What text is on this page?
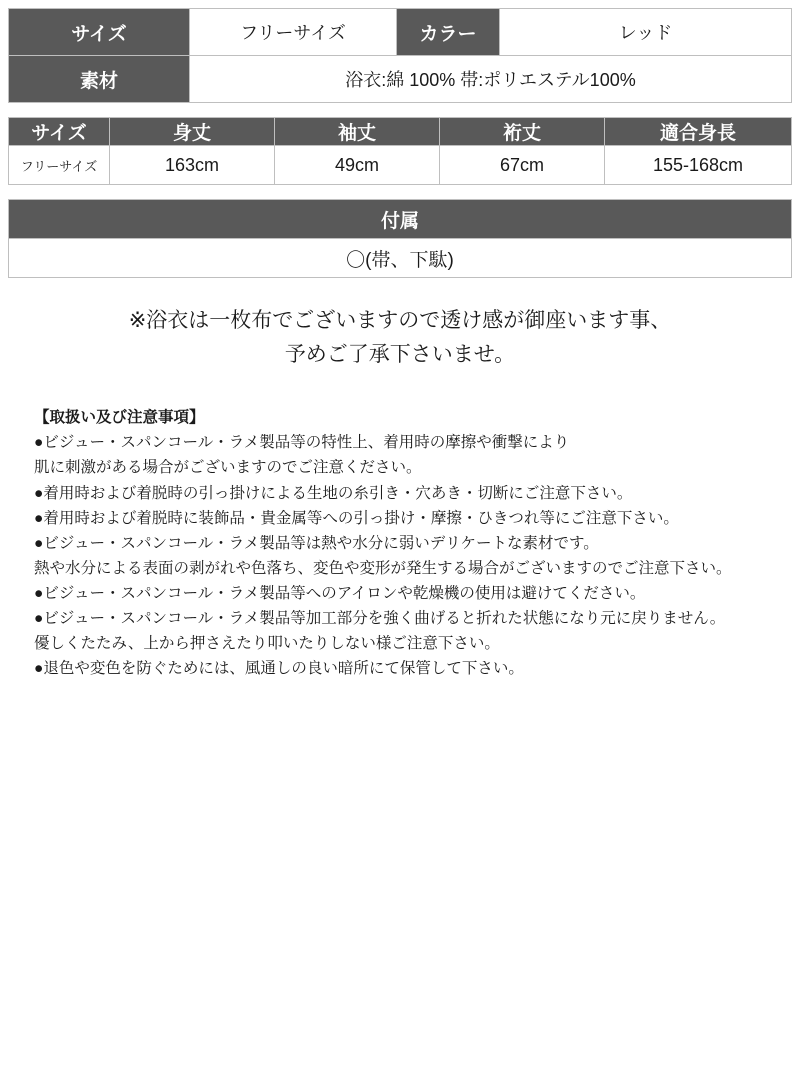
サイズ	フリーサイズ	カラー	レッド
素材	浴衣:綿 100% 帯:ポリエステル100%		
サイズ	身丈	袖丈	裄丈	適合身長
フリーサイズ	163cm	49cm	67cm	155-168cm
付属
〇(帯、下駄)
※浴衣は一枚布でございますので透け感が御座います事、
予めご了承下さいませ。

【取扱い及び注意事項】

●ビジュー・スパンコール・ラメ製品等の特性上、着用時の摩擦や衝撃により

肌に刺激がある場合がございますのでご注意ください。

●着用時および着脱時の引っ掛けによる生地の糸引き・穴あき・切断にご注意下さい。

●着用時および着脱時に装飾品・貴金属等への引っ掛け・摩擦・ひきつれ等にご注意下さい。

●ビジュー・スパンコール・ラメ製品等は熱や水分に弱いデリケートな素材です。

熱や水分による表面の剥がれや色落ち、変色や変形が発生する場合がございますのでご注意下さい。

●ビジュー・スパンコール・ラメ製品等へのアイロンや乾燥機の使用は避けてください。

●ビジュー・スパンコール・ラメ製品等加工部分を強く曲げると折れた状態になり元に戻りません。

優しくたたみ、上から押さえたり叩いたりしない様ご注意下さい。

●退色や変色を防ぐためには、風通しの良い暗所にて保管して下さい。
